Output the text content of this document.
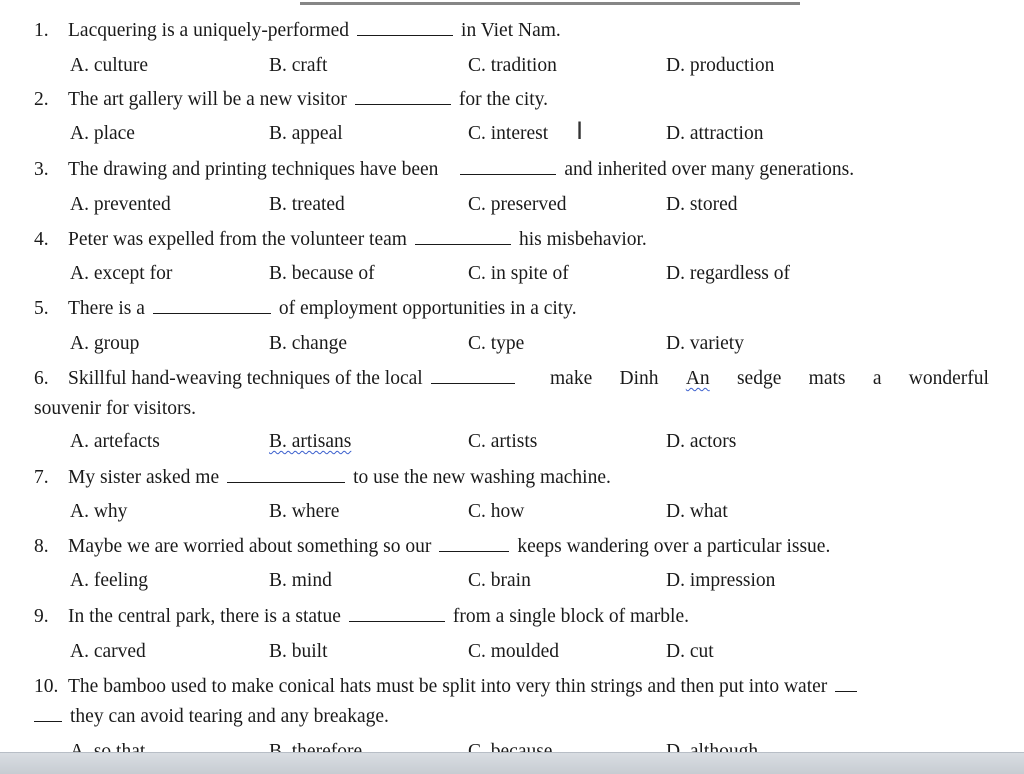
1. Lacquering is a uniquely-performed	in Viet Nam.
A. culture	B. craft	C. tradition	D. production
2. The art gallery will be a new visitor	for the city.
A. place	B. appeal	C. interest	D. attraction
I
3. The drawing and printing techniques have been	and inherited over many generations.
A. prevented	B. treated	C. preserved	D. stored
4. Peter was expelled from the volunteer team	his misbehavior.
A. except for	B. because of	C. in spite of	D. regardless of
5. There is a	of employment opportunities in a city.
A. group	B. change	C. type	D. variety
6. Skillful hand-weaving techniques of the local	make Dinh An sedge mats a wonderful
souvenir for visitors.
A. artefacts	B. artisans	C. artists	D. actors
7. My sister asked me	to use the new washing machine.
A. why	B. where	C. how	D. what
8. Maybe we are worried about something so our	keeps wandering over a particular issue.
A. feeling	B. mind	C. brain	D. impression
9. In the central park, there is a statue	from a single block of marble.
A. carved	B. built	C. moulded	D. cut
10. The bamboo used to make conical hats must be split into very thin strings and then put into water
they can avoid tearing and any breakage.
